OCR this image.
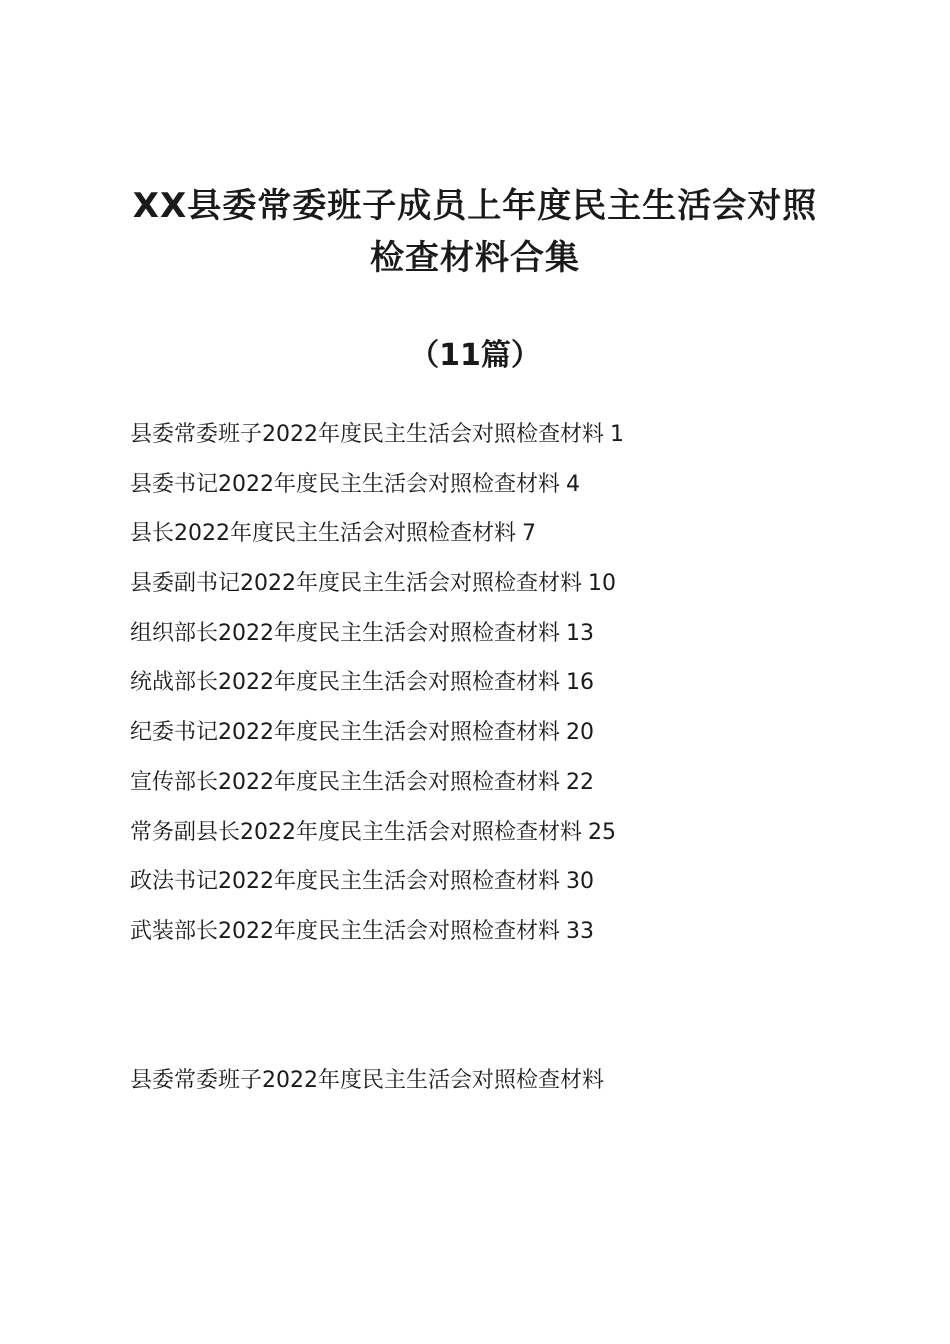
XX县委常委班子成员上年度民主生活会对照
检查材料合集
（11篇）
县委常委班子2022年度民主生活会对照检查材料 1
县委书记2022年度民主生活会对照检查材料 4
县长2022年度民主生活会对照检查材料 7
县委副书记2022年度民主生活会对照检查材料 10
组织部长2022年度民主生活会对照检查材料 13
统战部长2022年度民主生活会对照检查材料 16
纪委书记2022年度民主生活会对照检查材料 20
宣传部长2022年度民主生活会对照检查材料 22
常务副县长2022年度民主生活会对照检查材料 25
政法书记2022年度民主生活会对照检查材料 30
武装部长2022年度民主生活会对照检查材料 33
县委常委班子2022年度民主生活会对照检查材料
